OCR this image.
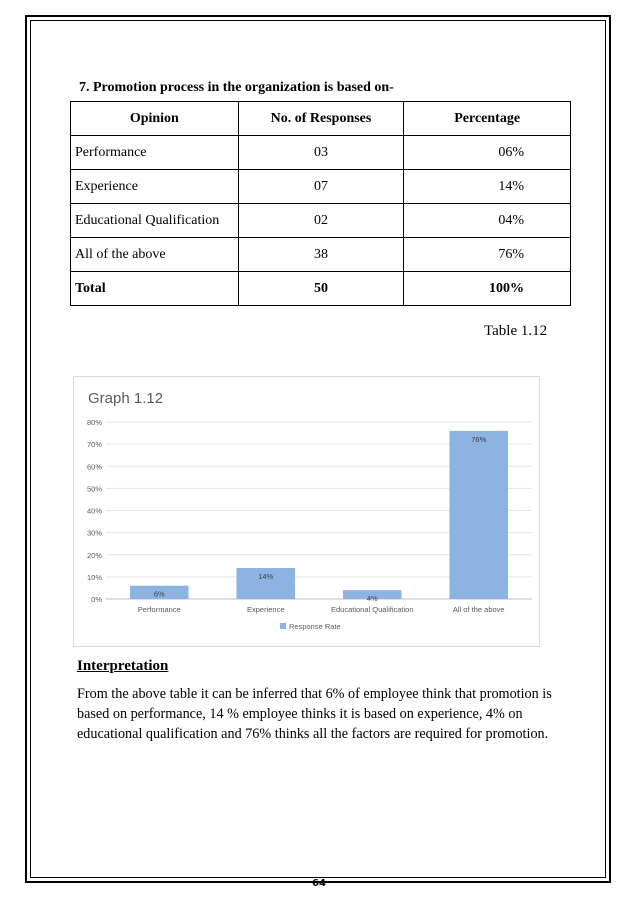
7. Promotion process in the organization is based on-
Opinion	No. of Responses	Percentage
Performance	03	06%
Experience	07	14%
Educational Qualification	02	04%
All of the above	38	76%
Total	50	100%
Table 1.12
Graph 1.12
0%
10%
20%
30%
40%
50%
60%
70%
80%
6%
Performance
14%
Experience
4%
Educational Qualification
76%
All of the above
Response Rate
Interpretation
From the above table it can be inferred that 6% of employee think that promotion is based on performance, 14 % employee thinks it is based on experience, 4% on educational qualification and 76% thinks all the factors are required for promotion.
64
